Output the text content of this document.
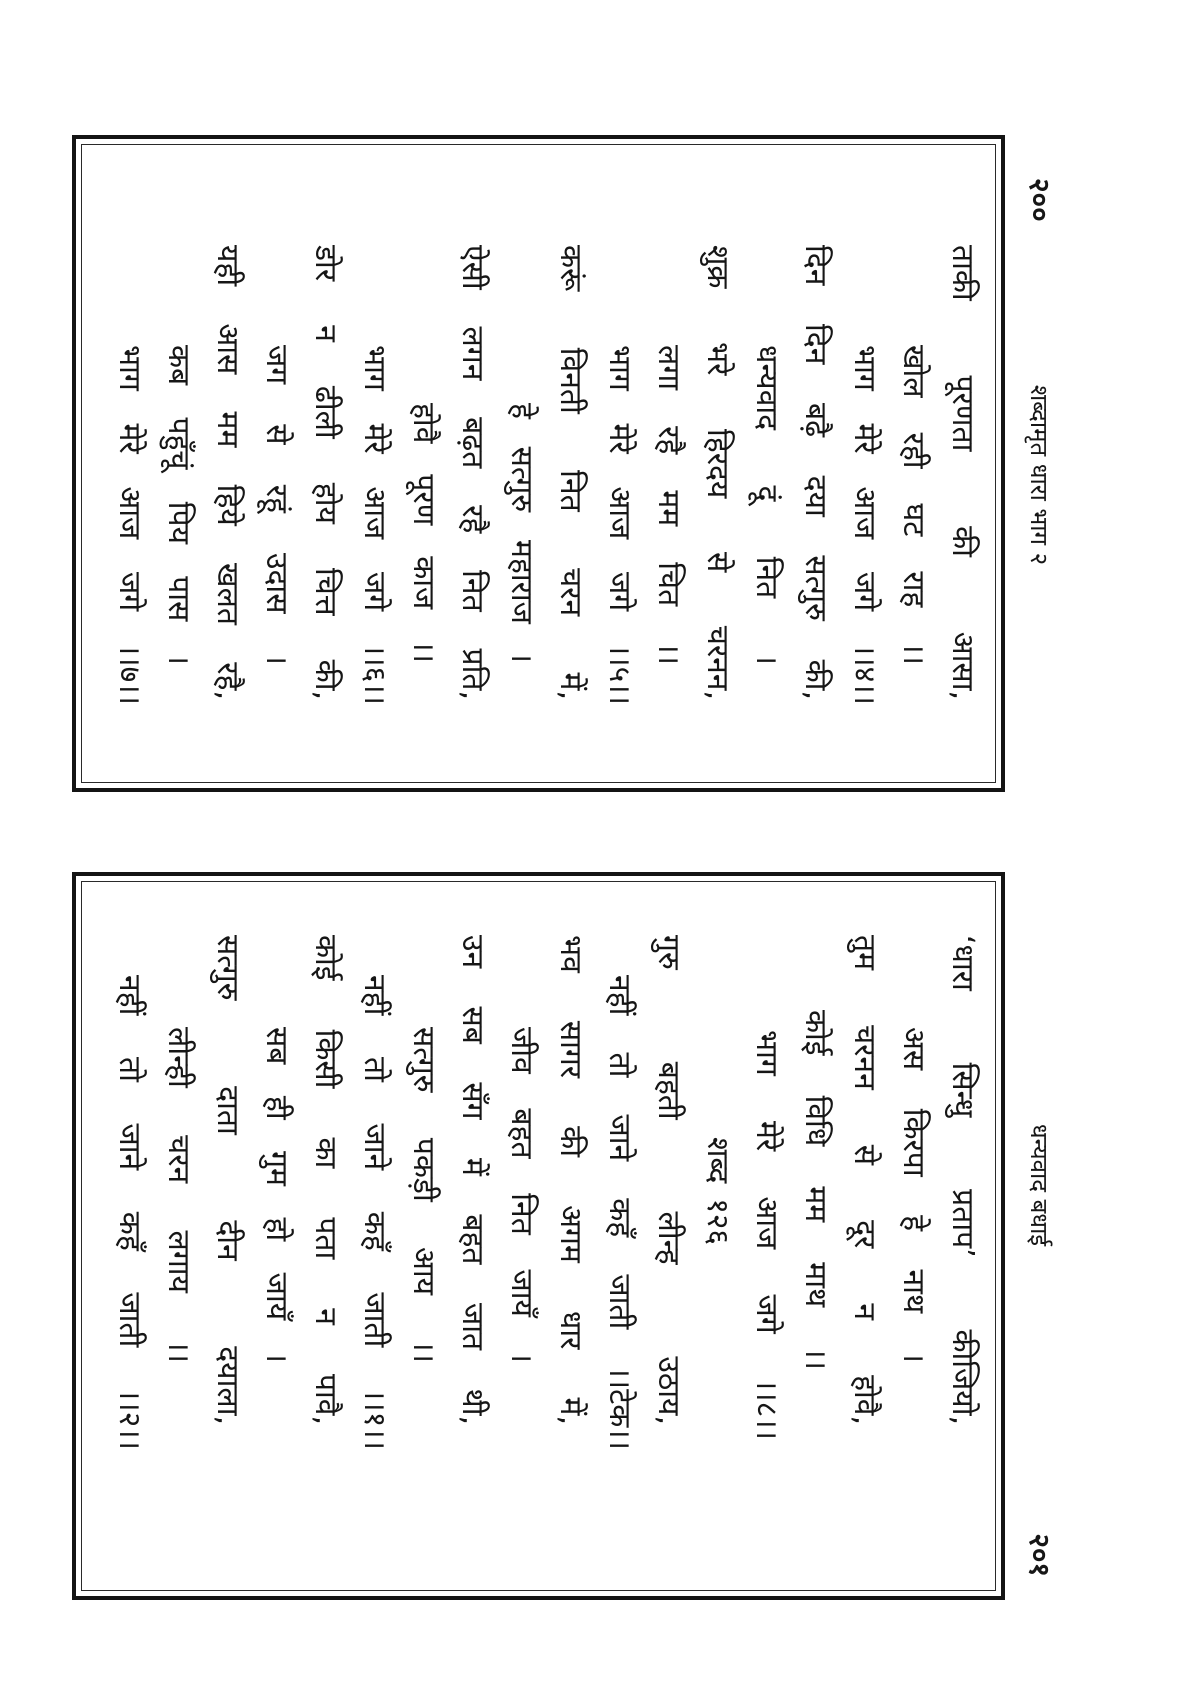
२००
शब्दामृत धारा भाग २
ताकी पूरणता की आसा,
खोल रही घट राह ।।
भाग मेरे आज जगे ।।४।।
दिन दिन बढ़ै दया सत्गुरु की,
धन्यवाद दूं नित ।
शुक्र भरे हिरदय से चरनन,
लगा रहै मम चित ।।
भाग मेरे आज जगे ।।५।।
करूं विनती नित चरन में,
हे सत्गुरु महाराज ।
ऐसी लगन बढ़त रहै नित प्रति,
होवै पूरण काज ।।
भाग मेरे आज जगे ।।६।।
डोर न ढीली होय चित्त की,
जग से रहूं उदास ।
यही आस मम हिये खलत रहै,
कब पहुँचूं पिय पास ।
भाग मेरे आज जगे ।।७।।
धन्यवाद बधाई
२०१
‘धारा सिन्धु प्रताप’ कीजियो,
अस किरपा हे नाथ ।
तुम चरनन से दूर न होवै,
कोई विधि मम माथ ।।
भाग मेरे आज जगे ।।८।।
शब्द १२६
गुरु बहती लीन्ह उठाय,
नहीं तो जाने कहँ जाती ।।टेक।।
भव सागर की अगम धार में,
जीव बहत नित जायँ ।
उन सब सँग में बहत जात थी,
सत्गुरु पकड़ी आय ।।
नहीं तो जाने कहँ जाती ।।१।।
कोई किसी का पता न पावै,
सब ही गुम हो जायँ ।
सत्गुरु दाता दीन दयाला,
लीन्ही चरन लगाय ।।
नहीं तो जाने कहँ जाती ।।२।।
